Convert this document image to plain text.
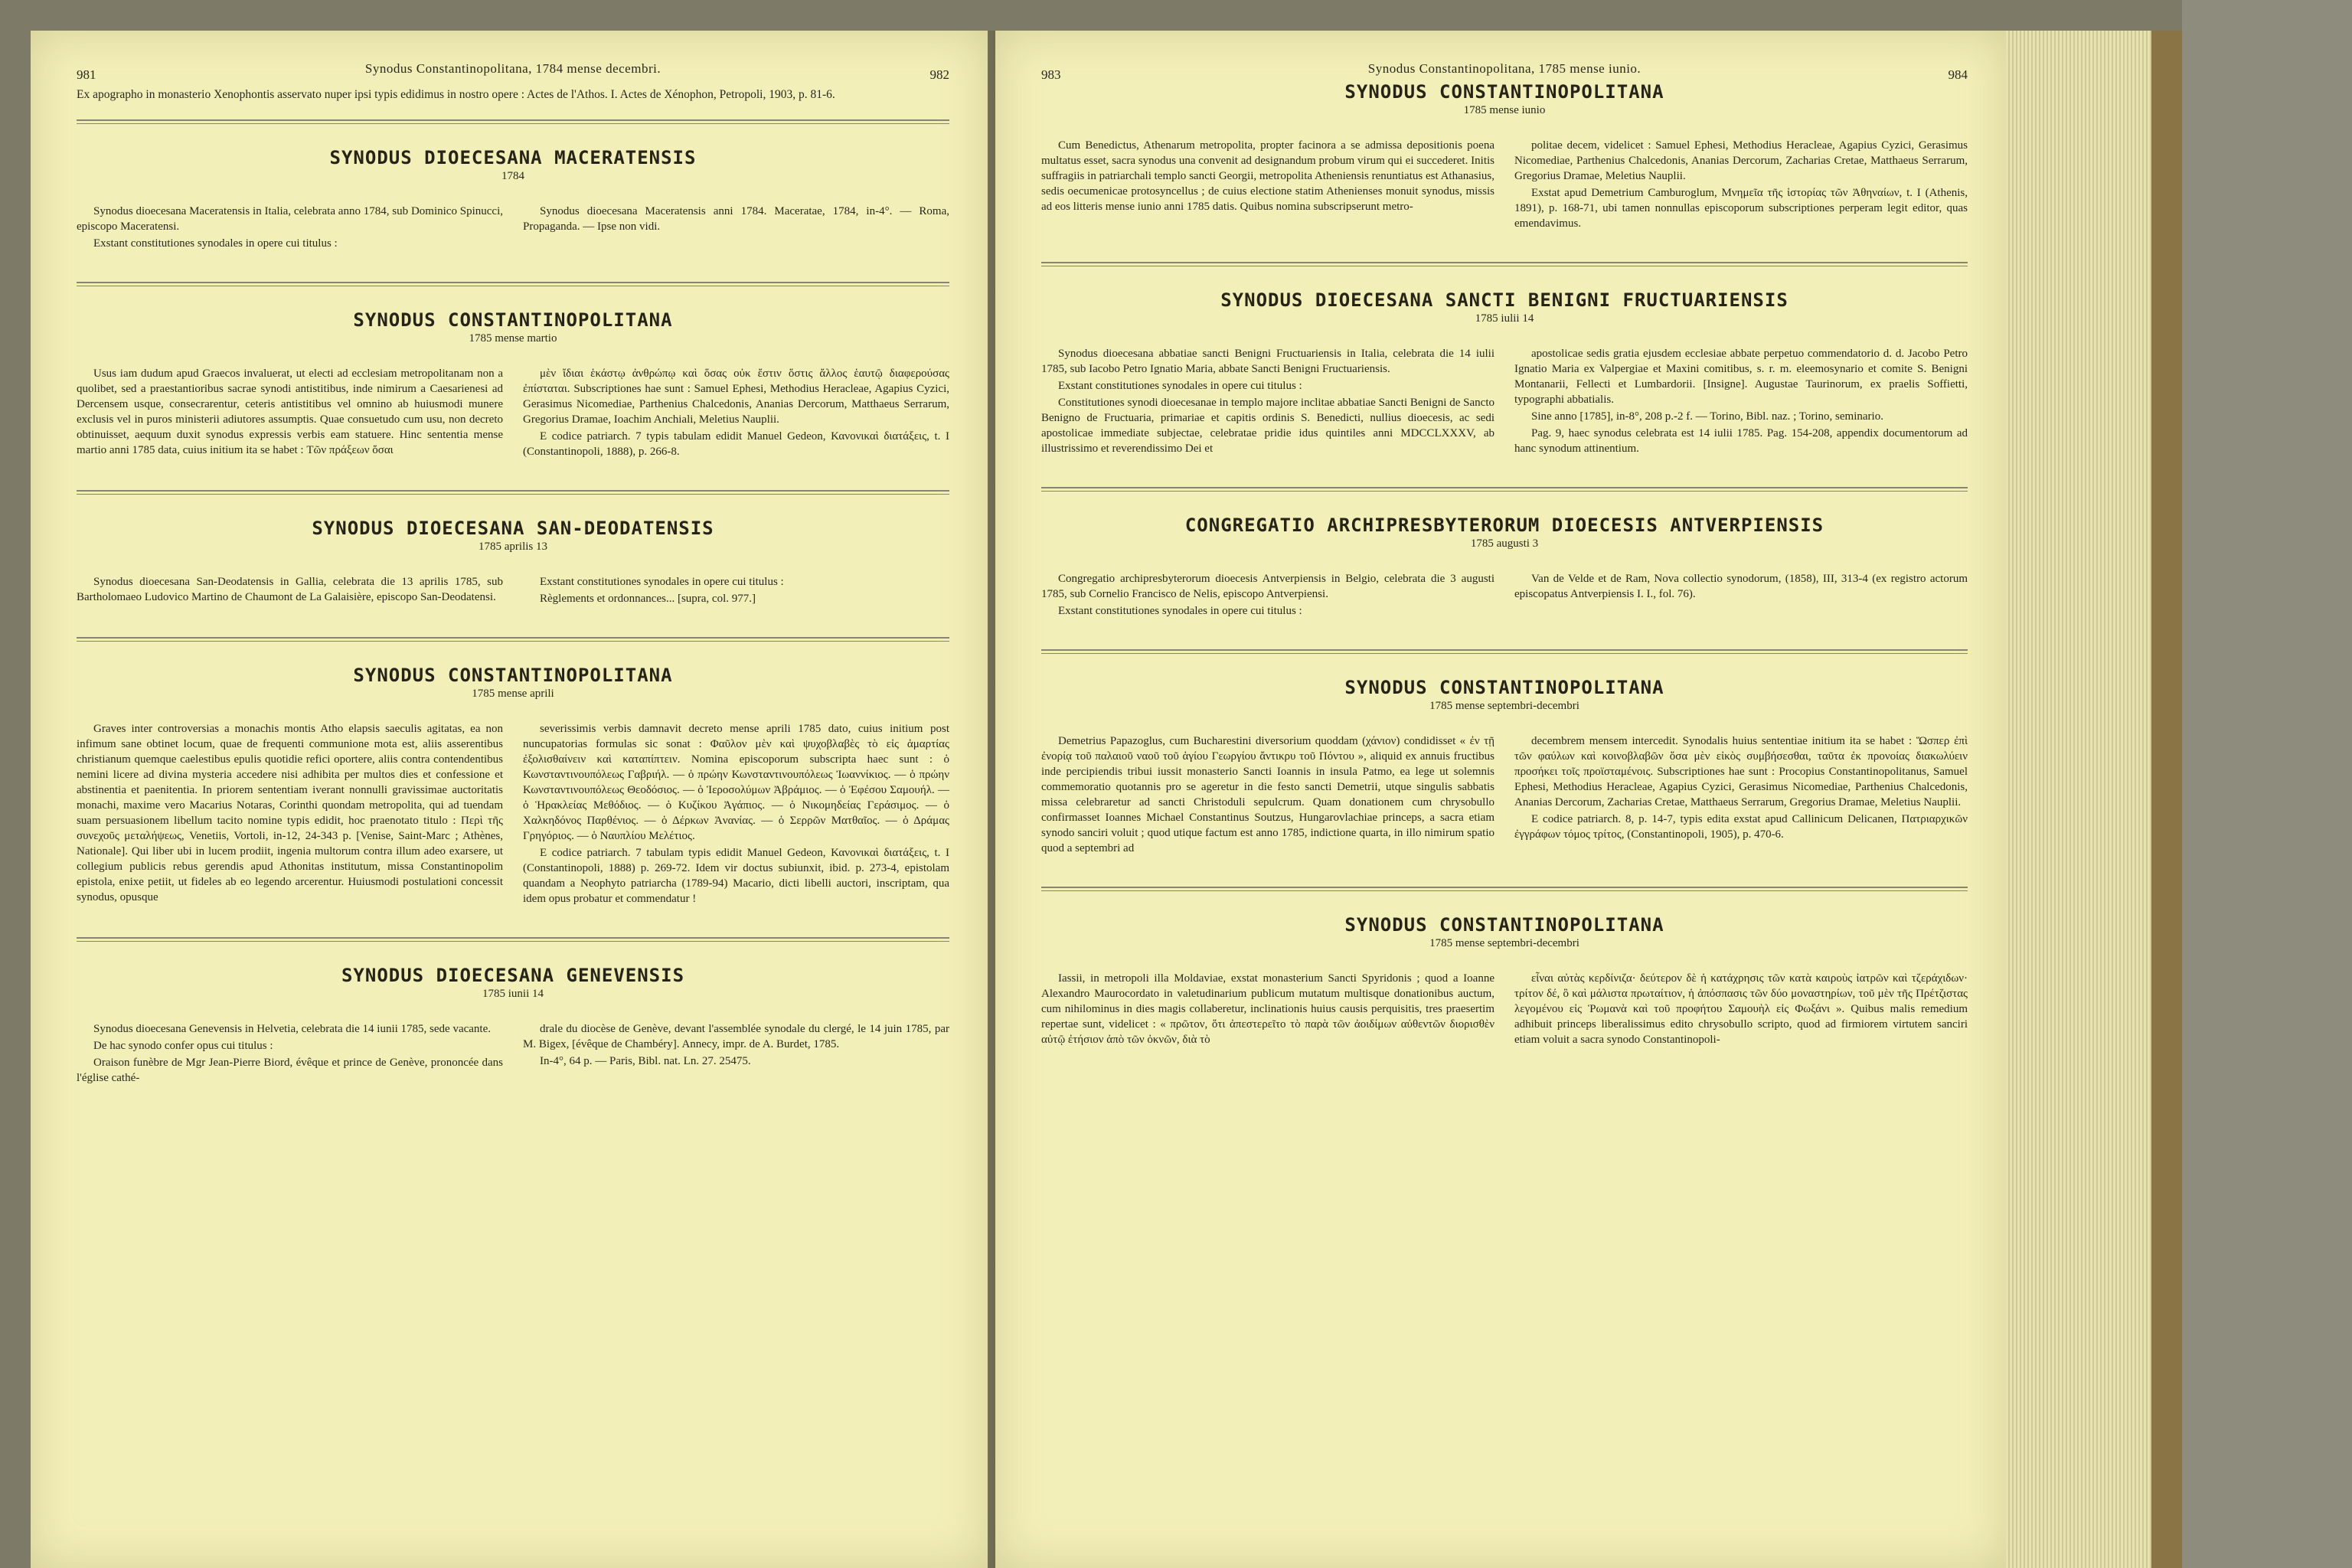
981	Synodus Constantinopolitana, 1784 mense decembri.	982
Ex apographo in monasterio Xenophontis asservato nuper ipsi typis edidimus in nostro opere : Actes de l'Athos. I. Actes de Xénophon, Petropoli, 1903, p. 81-6.
SYNODUS DIOECESANA MACERATENSIS
1784

Synodus dioecesana Maceratensis in Italia, celebrata anno 1784, sub Dominico Spinucci, episcopo Maceratensi.

Exstant constitutiones synodales in opere cui titulus :

Synodus dioecesana Maceratensis anni 1784. Maceratae, 1784, in-4°. — Roma, Propaganda. — Ipse non vidi.

SYNODUS CONSTANTINOPOLITANA
1785 mense martio

Usus iam dudum apud Graecos invaluerat, ut electi ad ecclesiam metropolitanam non a quolibet, sed a praestantioribus sacrae synodi antistitibus, inde nimirum a Caesarienesi ad Dercensem usque, consecrarentur, ceteris antistitibus vel omnino ab huiusmodi munere exclusis vel in puros ministerii adiutores assumptis. Quae consuetudo cum usu, non decreto obtinuisset, aequum duxit synodus expressis verbis eam statuere. Hinc sententia mense martio anni 1785 data, cuius initium ita se habet : Τῶν πράξεων ὅσαι

μὲν ἴδιαι ἑκάστῳ ἀνθρώπῳ καὶ ὅσας οὐκ ἔστιν ὅστις ἄλλος ἑαυτῷ διαφερούσας ἐπίσταται. Subscriptiones hae sunt : Samuel Ephesi, Methodius Heracleae, Agapius Cyzici, Gerasimus Nicomediae, Parthenius Chalcedonis, Ananias Dercorum, Matthaeus Serrarum, Gregorius Dramae, Ioachim Anchiali, Meletius Nauplii.

E codice patriarch. 7 typis tabulam edidit Manuel Gedeon, Κανονικαὶ διατάξεις, t. I (Constantinopoli, 1888), p. 266-8.

SYNODUS DIOECESANA SAN-DEODATENSIS
1785 aprilis 13

Synodus dioecesana San-Deodatensis in Gallia, celebrata die 13 aprilis 1785, sub Bartholomaeo Ludovico Martino de Chaumont de La Galaisière, episcopo San-Deodatensi.

Exstant constitutiones synodales in opere cui titulus :

Règlements et ordonnances... [supra, col. 977.]

SYNODUS CONSTANTINOPOLITANA
1785 mense aprili

Graves inter controversias a monachis montis Atho elapsis saeculis agitatas, ea non infimum sane obtinet locum, quae de frequenti communione mota est, aliis asserentibus christianum quemque caelestibus epulis quotidie refici oportere, aliis contra contendentibus nemini licere ad divina mysteria accedere nisi adhibita per multos dies et confessione et abstinentia et paenitentia. In priorem sententiam iverant nonnulli gravissimae auctoritatis monachi, maxime vero Macarius Notaras, Corinthi quondam metropolita, qui ad tuendam suam persuasionem libellum tacito nomine typis edidit, hoc praenotato titulo : Περὶ τῆς συνεχοῦς μεταλήψεως, Venetiis, Vortoli, in-12, 24-343 p. [Venise, Saint-Marc ; Athènes, Nationale]. Qui liber ubi in lucem prodiit, ingenia multorum contra illum adeo exarsere, ut collegium publicis rebus gerendis apud Athonitas institutum, missa Constantinopolim epistola, enixe petiit, ut fideles ab eo legendo arcerentur. Huiusmodi postulationi concessit synodus, opusque

severissimis verbis damnavit decreto mense aprili 1785 dato, cuius initium post nuncupatorias formulas sic sonat : Φαῦλον μὲν καὶ ψυχοβλαβὲς τὸ εἰς ἁμαρτίας ἐξολισθαίνειν καὶ καταπίπτειν. Nomina episcoporum subscripta haec sunt : ὁ Κωνσταντινουπόλεως Γαβριήλ. — ὁ πρώην Κωνσταντινουπόλεως Ἰωαννίκιος. — ὁ πρώην Κωνσταντινουπόλεως Θεοδόσιος. — ὁ Ἱεροσολύμων Ἀβράμιος. — ὁ Ἐφέσου Σαμουήλ. — ὁ Ἡρακλείας Μεθόδιος. — ὁ Κυζίκου Ἀγάπιος. — ὁ Νικομηδείας Γεράσιμος. — ὁ Χαλκηδόνος Παρθένιος. — ὁ Δέρκων Ἀνανίας. — ὁ Σερρῶν Ματθαῖος. — ὁ Δράμας Γρηγόριος. — ὁ Ναυπλίου Μελέτιος.

E codice patriarch. 7 tabulam typis edidit Manuel Gedeon, Κανονικαὶ διατάξεις, t. I (Constantinopoli, 1888) p. 269-72. Idem vir doctus subiunxit, ibid. p. 273-4, epistolam quandam a Neophyto patriarcha (1789-94) Macario, dicti libelli auctori, inscriptam, qua idem opus probatur et commendatur !

SYNODUS DIOECESANA GENEVENSIS
1785 iunii 14

Synodus dioecesana Genevensis in Helvetia, celebrata die 14 iunii 1785, sede vacante.

De hac synodo confer opus cui titulus :

Oraison funèbre de Mgr Jean-Pierre Biord, évêque et prince de Genève, prononcée dans l'église cathé-

drale du diocèse de Genève, devant l'assemblée synodale du clergé, le 14 juin 1785, par M. Bigex, [évêque de Chambéry]. Annecy, impr. de A. Burdet, 1785.

In-4°, 64 p. — Paris, Bibl. nat. Ln. 27. 25475.

983	Synodus Constantinopolitana, 1785 mense iunio.	984
SYNODUS CONSTANTINOPOLITANA
1785 mense iunio

Cum Benedictus, Athenarum metropolita, propter facinora a se admissa depositionis poena multatus esset, sacra synodus una convenit ad designandum probum virum qui ei succederet. Initis suffragiis in patriarchali templo sancti Georgii, metropolita Atheniensis renuntiatus est Athanasius, sedis oecumenicae protosyncellus ; de cuius electione statim Athenienses monuit synodus, missis ad eos litteris mense iunio anni 1785 datis. Quibus nomina subscripserunt metro-

politae decem, videlicet : Samuel Ephesi, Methodius Heracleae, Agapius Cyzici, Gerasimus Nicomediae, Parthenius Chalcedonis, Ananias Dercorum, Zacharias Cretae, Matthaeus Serrarum, Gregorius Dramae, Meletius Nauplii.

Exstat apud Demetrium Camburoglum, Μνημεῖα τῆς ἱστορίας τῶν Ἀθηναίων, t. I (Athenis, 1891), p. 168-71, ubi tamen nonnullas episcoporum subscriptiones perperam legit editor, quas emendavimus.

SYNODUS DIOECESANA SANCTI BENIGNI FRUCTUARIENSIS
1785 iulii 14

Synodus dioecesana abbatiae sancti Benigni Fructuariensis in Italia, celebrata die 14 iulii 1785, sub Iacobo Petro Ignatio Maria, abbate Sancti Benigni Fructuariensis.

Exstant constitutiones synodales in opere cui titulus :

Constitutiones synodi dioecesanae in templo majore inclitae abbatiae Sancti Benigni de Sancto Benigno de Fructuaria, primariae et capitis ordinis S. Benedicti, nullius dioecesis, ac sedi apostolicae immediate subjectae, celebratae pridie idus quintiles anni MDCCLXXXV, ab illustrissimo et reverendissimo Dei et

apostolicae sedis gratia ejusdem ecclesiae abbate perpetuo commendatorio d. d. Jacobo Petro Ignatio Maria ex Valpergiae et Maxini comitibus, s. r. m. eleemosynario et comite S. Benigni Montanarii, Fellecti et Lumbardorii. [Insigne]. Augustae Taurinorum, ex praelis Soffietti, typographi abbatialis.

Sine anno [1785], in-8°, 208 p.-2 f. — Torino, Bibl. naz. ; Torino, seminario.

Pag. 9, haec synodus celebrata est 14 iulii 1785. Pag. 154-208, appendix documentorum ad hanc synodum attinentium.

CONGREGATIO ARCHIPRESBYTERORUM DIOECESIS ANTVERPIENSIS
1785 augusti 3

Congregatio archipresbyterorum dioecesis Antverpiensis in Belgio, celebrata die 3 augusti 1785, sub Cornelio Francisco de Nelis, episcopo Antverpiensi.

Exstant constitutiones synodales in opere cui titulus :

Van de Velde et de Ram, Nova collectio synodorum, (1858), III, 313-4 (ex registro actorum episcopatus Antverpiensis I. I., fol. 76).

SYNODUS CONSTANTINOPOLITANA
1785 mense septembri-decembri

Demetrius Papazoglus, cum Bucharestini diversorium quoddam (χάνιον) condidisset « ἐν τῇ ἐνορίᾳ τοῦ παλαιοῦ ναοῦ τοῦ ἁγίου Γεωργίου ἄντικρυ τοῦ Πόντου », aliquid ex annuis fructibus inde percipiendis tribui iussit monasterio Sancti Ioannis in insula Patmo, ea lege ut solemnis commemoratio quotannis pro se ageretur in die festo sancti Demetrii, utque singulis sabbatis missa celebraretur ad sancti Christoduli sepulcrum. Quam donationem cum chrysobullo confirmasset Ioannes Michael Constantinus Soutzus, Hungarovlachiae princeps, a sacra etiam synodo sanciri voluit ; quod utique factum est anno 1785, indictione quarta, in illo nimirum spatio quod a septembri ad

decembrem mensem intercedit. Synodalis huius sententiae initium ita se habet : Ὥσπερ ἐπὶ τῶν φαύλων καὶ κοινοβλαβῶν ὅσα μὲν εἰκὸς συμβήσεσθαι, ταῦτα ἐκ προνοίας διακωλύειν προσήκει τοῖς προϊσταμένοις. Subscriptiones hae sunt : Procopius Constantinopolitanus, Samuel Ephesi, Methodius Heracleae, Agapius Cyzici, Gerasimus Nicomediae, Parthenius Chalcedonis, Ananias Dercorum, Zacharias Cretae, Matthaeus Serrarum, Gregorius Dramae, Meletius Nauplii.

E codice patriarch. 8, p. 14-7, typis edita exstat apud Callinicum Delicanen, Πατριαρχικῶν ἐγγράφων τόμος τρίτος, (Constantinopoli, 1905), p. 470-6.

SYNODUS CONSTANTINOPOLITANA
1785 mense septembri-decembri

Iassii, in metropoli illa Moldaviae, exstat monasterium Sancti Spyridonis ; quod a Ioanne Alexandro Maurocordato in valetudinarium publicum mutatum multisque donationibus auctum, cum nihilominus in dies magis collaberetur, inclinationis huius causis perquisitis, tres praesertim repertae sunt, videlicet : « πρῶτον, ὅτι ἀπεστερεῖτο τὸ παρὰ τῶν ἀοιδίμων αὐθεντῶν διορισθὲν αὐτῷ ἐτήσιον ἀπὸ τῶν ὀκνῶν, διὰ τὸ

εἶναι αὐτὰς κερδίνιζα· δεύτερον δὲ ἡ κατάχρησις τῶν κατὰ καιροὺς ἰατρῶν καὶ τζεράχιδων· τρίτον δέ, ὃ καὶ μάλιστα πρωταίτιον, ἡ ἀπόσπασις τῶν δύο μοναστηρίων, τοῦ μὲν τῆς Πρέτζιστας λεγομένου εἰς Ῥωμανὰ καὶ τοῦ προφήτου Σαμουὴλ εἰς Φωξάνι ». Quibus malis remedium adhibuit princeps liberalissimus edito chrysobullo scripto, quod ad firmiorem virtutem sanciri etiam voluit a sacra synodo Constantinopoli-
